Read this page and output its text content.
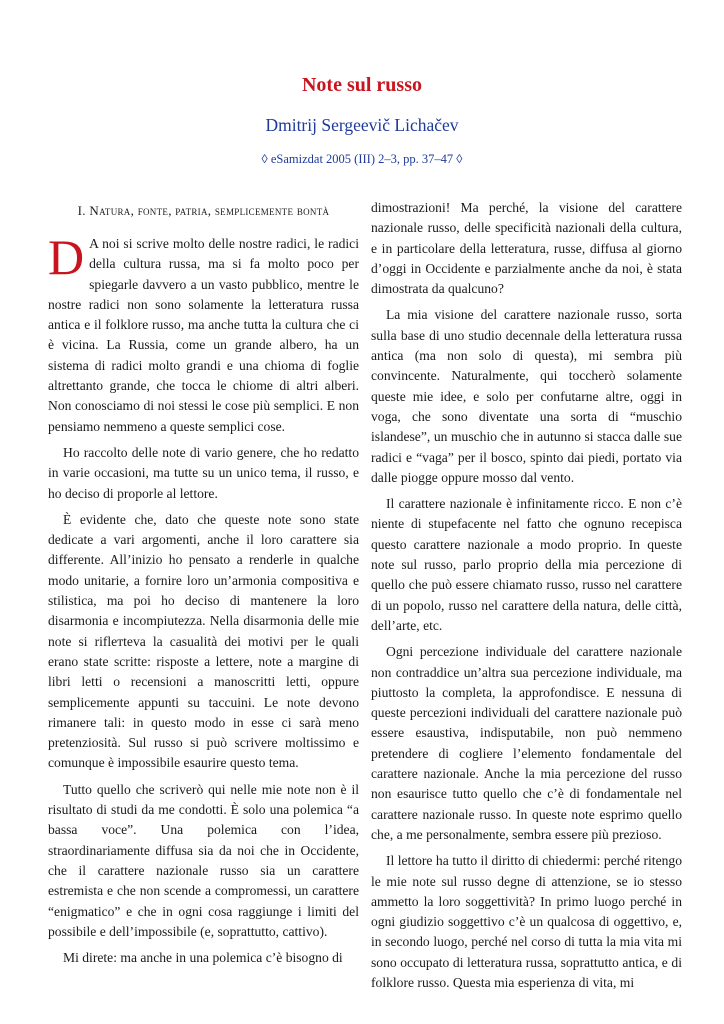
Note sul russo
Dmitrij Sergeevič Lichačev
◊ eSamizdat 2005 (III) 2–3, pp. 37–47 ◊
I. Natura, fonte, patria, semplicemente bontà

D A noi si scrive molto delle nostre radici, le radici della cultura russa, ma si fa molto poco per spiegarle davvero a un vasto pubblico, mentre le nostre radici non sono solamente la letteratura russa antica e il folklore russo, ma anche tutta la cultura che ci è vicina. La Russia, come un grande albero, ha un sistema di radici molto grandi e una chioma di foglie altrettanto grande, che tocca le chiome di altri alberi. Non conosciamo di noi stessi le cose più semplici. E non pensiamo nemmeno a queste semplici cose.

Ho raccolto delle note di vario genere, che ho redatto in varie occasioni, ma tutte su un unico tema, il russo, e ho deciso di proporle al lettore.

È evidente che, dato che queste note sono state dedicate a vari argomenti, anche il loro carattere sia differente. All’inizio ho pensato a renderle in qualche modo unitarie, a fornire loro un’armonia compositiva e stilistica, ma poi ho deciso di mantenere la loro disarmonia e incompiutezza. Nella disarmonia delle mie note si riflетteva la casualità dei motivi per le quali erano state scritte: risposte a lettere, note a margine di libri letti o recensioni a manoscritti letti, oppure semplicemente appunti su taccuini. Le note devono rimanere tali: in questo modo in esse ci sarà meno pretenziosità. Sul russo si può scrivere moltissimo e comunque è impossibile esaurire questo tema.

Tutto quello che scriverò qui nelle mie note non è il risultato di studi da me condotti. È solo una polemica “a bassa voce”. Una polemica con l’idea, straordinariamente diffusa sia da noi che in Occidente, che il carattere nazionale russo sia un carattere estremista e che non scende a compromessi, un carattere “enigmatico” e che in ogni cosa raggiunge i limiti del possibile e dell’impossibile (e, soprattutto, cattivo).

Mi direte: ma anche in una polemica c’è bisogno di

dimostrazioni! Ma perché, la visione del carattere nazionale russo, delle specificità nazionali della cultura, e in particolare della letteratura, russe, diffusa al giorno d’oggi in Occidente e parzialmente anche da noi, è stata dimostrata da qualcuno?

La mia visione del carattere nazionale russo, sorta sulla base di uno studio decennale della letteratura russa antica (ma non solo di questa), mi sembra più convincente. Naturalmente, qui toccherò solamente queste mie idee, e solo per confutarne altre, oggi in voga, che sono diventate una sorta di “muschio islandese”, un muschio che in autunno si stacca dalle sue radici e “vaga” per il bosco, spinto dai piedi, portato via dalle piogge oppure mosso dal vento.

Il carattere nazionale è infinitamente ricco. E non c’è niente di stupefacente nel fatto che ognuno recepisca questo carattere nazionale a modo proprio. In queste note sul russo, parlo proprio della mia percezione di quello che può essere chiamato russo, russo nel carattere di un popolo, russo nel carattere della natura, delle città, dell’arte, etc.

Ogni percezione individuale del carattere nazionale non contraddice un’altra sua percezione individuale, ma piuttosto la completa, la approfondisce. E nessuna di queste percezioni individuali del carattere nazionale può essere esaustiva, indisputabile, non può nemmeno pretendere di cogliere l’elemento fondamentale del carattere nazionale. Anche la mia percezione del russo non esaurisce tutto quello che c’è di fondamentale nel carattere nazionale russo. In queste note esprimo quello che, a me personalmente, sembra essere più prezioso.

Il lettore ha tutto il diritto di chiedermi: perché ritengo le mie note sul russo degne di attenzione, se io stesso ammetto la loro soggettività? In primo luogo perché in ogni giudizio soggettivo c’è un qualcosa di oggettivo, e, in secondo luogo, perché nel corso di tutta la mia vita mi sono occupato di letteratura russa, soprattutto antica, e di folklore russo. Questa mia esperienza di vita, mi
